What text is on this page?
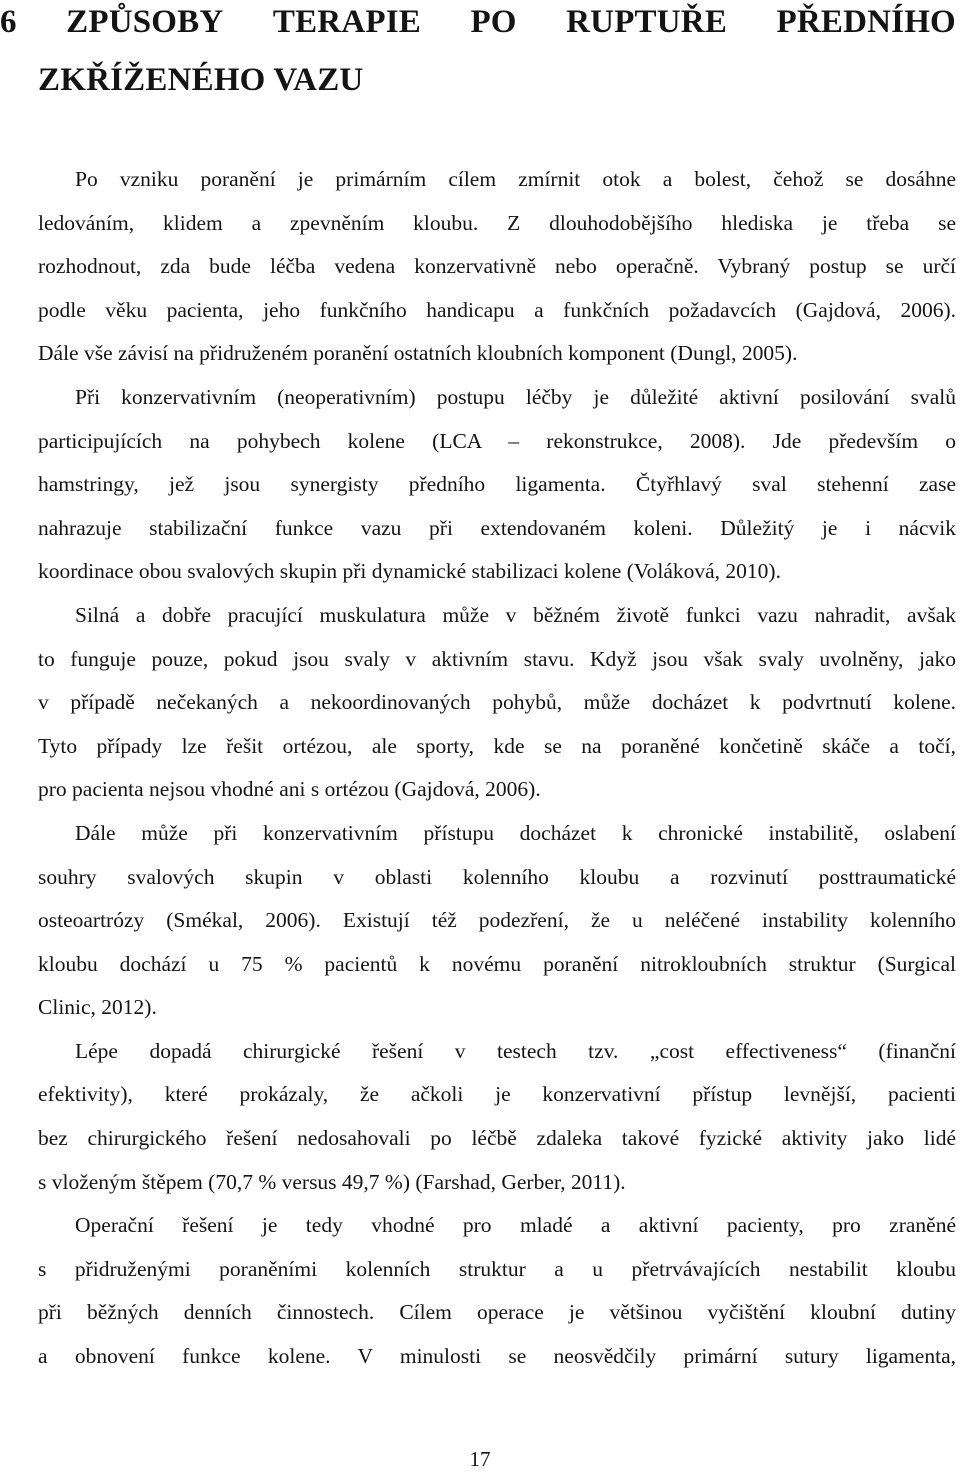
6 ZPŮSOBY TERAPIE PO RUPTUŘE PŘEDNÍHO
ZKŘÍŽENÉHO VAZU
Po vzniku poranění je primárním cílem zmírnit otok a bolest, čehož se dosáhne
ledováním, klidem a zpevněním kloubu. Z dlouhodobějšího hlediska je třeba se
rozhodnout, zda bude léčba vedena konzervativně nebo operačně. Vybraný postup se určí
podle věku pacienta, jeho funkčního handicapu a funkčních požadavcích (Gajdová, 2006).
Dále vše závisí na přidruženém poranění ostatních kloubních komponent (Dungl, 2005).
Při konzervativním (neoperativním) postupu léčby je důležité aktivní posilování svalů
participujících na pohybech kolene (LCA – rekonstrukce, 2008). Jde především o
hamstringy, jež jsou synergisty předního ligamenta. Čtyřhlavý sval stehenní zase
nahrazuje stabilizační funkce vazu při extendovaném koleni. Důležitý je i nácvik
koordinace obou svalových skupin při dynamické stabilizaci kolene (Voláková, 2010).
Silná a dobře pracující muskulatura může v běžném životě funkci vazu nahradit, avšak
to funguje pouze, pokud jsou svaly v aktivním stavu. Když jsou však svaly uvolněny, jako
v případě nečekaných a nekoordinovaných pohybů, může docházet k podvrtnutí kolene.
Tyto případy lze řešit ortézou, ale sporty, kde se na poraněné končetině skáče a točí,
pro pacienta nejsou vhodné ani s ortézou (Gajdová, 2006).
Dále může při konzervativním přístupu docházet k chronické instabilitě, oslabení
souhry svalových skupin v oblasti kolenního kloubu a rozvinutí posttraumatické
osteoartrózy (Smékal, 2006). Existují též podezření, že u neléčené instability kolenního
kloubu dochází u 75 % pacientů k novému poranění nitrokloubních struktur (Surgical
Clinic, 2012).
Lépe dopadá chirurgické řešení v testech tzv. „cost effectiveness“ (finanční
efektivity), které prokázaly, že ačkoli je konzervativní přístup levnější, pacienti
bez chirurgického řešení nedosahovali po léčbě zdaleka takové fyzické aktivity jako lidé
s vloženým štěpem (70,7 % versus 49,7 %) (Farshad, Gerber, 2011).
Operační řešení je tedy vhodné pro mladé a aktivní pacienty, pro zraněné
s přidruženými poraněními kolenních struktur a u přetrvávajících nestabilit kloubu
při běžných denních činnostech. Cílem operace je většinou vyčištění kloubní dutiny
a obnovení funkce kolene. V minulosti se neosvědčily primární sutury ligamenta,
17
